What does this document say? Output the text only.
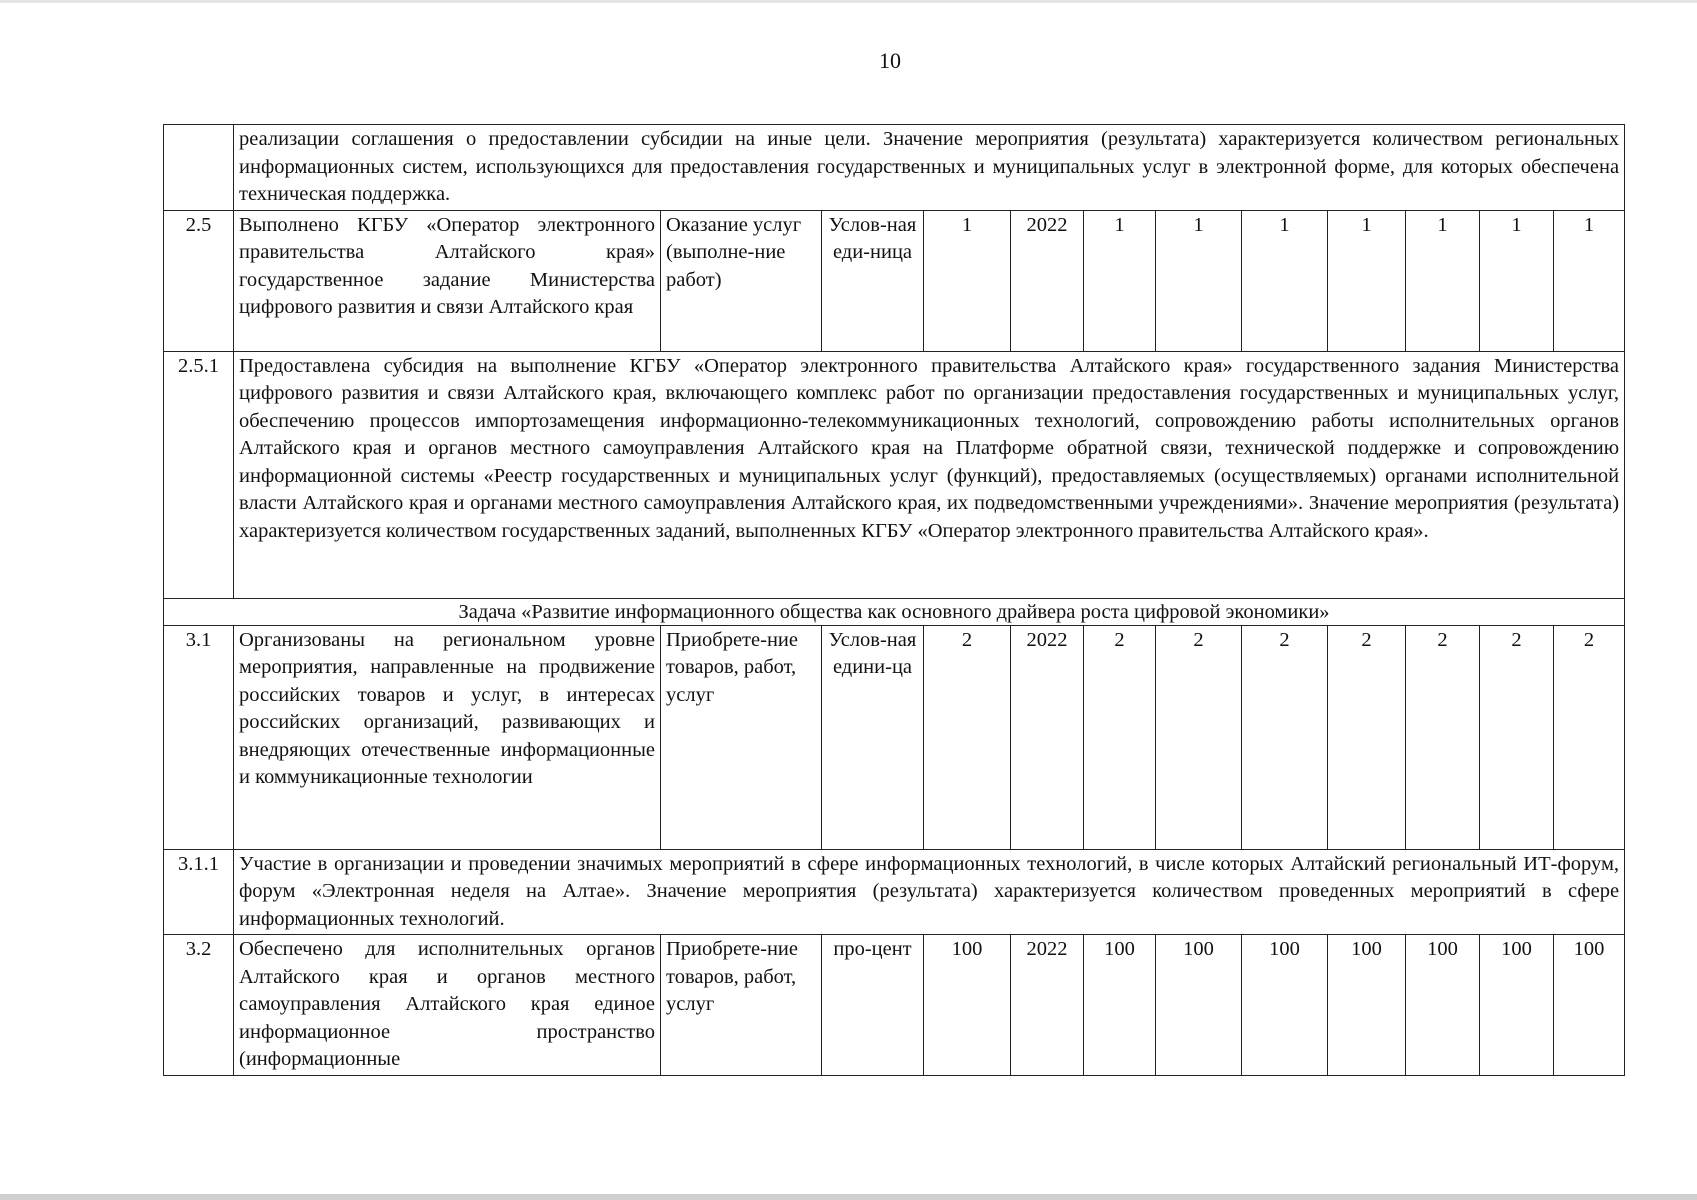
10
	реализации соглашения о предоставлении субсидии на иные цели. Значение мероприятия (результата) характеризуется количеством региональных информационных систем, использующихся для предоставления государственных и муниципальных услуг в электронной форме, для которых обеспечена техническая поддержка.											
2.5	Выполнено КГБУ «Оператор электронного правительства Алтайского края» государственное задание Министерства цифрового развития и связи Алтайского края	Оказание услуг (выполне-ние работ)	Услов-ная еди-ница	1	2022	1	1	1	1	1	1	1
2.5.1	Предоставлена субсидия на выполнение КГБУ «Оператор электронного правительства Алтайского края» государственного задания Министерства цифрового развития и связи Алтайского края, включающего комплекс работ по организации предоставления государственных и муниципальных услуг, обеспечению процессов импортозамещения информационно-телекоммуникационных технологий, сопровождению работы исполнительных органов Алтайского края и органов местного самоуправления Алтайского края на Платформе обратной связи, технической поддержке и сопровождению информационной системы «Реестр государственных и муниципальных услуг (функций), предоставляемых (осуществляемых) органами исполнительной власти Алтайского края и органами местного самоуправления Алтайского края, их подведомственными учреждениями». Значение мероприятия (результата) характеризуется количеством государственных заданий, выполненных КГБУ «Оператор электронного правительства Алтайского края».											
Задача «Развитие информационного общества как основного драйвера роста цифровой экономики»												
3.1	Организованы на региональном уровне мероприятия, направленные на продвижение российских товаров и услуг, в интересах российских организаций, развивающих и внедряющих отечественные информационные и коммуникационные технологии	Приобрете-ние товаров, работ, услуг	Услов-ная едини-ца	2	2022	2	2	2	2	2	2	2
3.1.1	Участие в организации и проведении значимых мероприятий в сфере информационных технологий, в числе которых Алтайский региональный ИТ-форум, форум «Электронная неделя на Алтае». Значение мероприятия (результата) характеризуется количеством проведенных мероприятий в сфере информационных технологий.											
3.2	Обеспечено для исполнительных органов Алтайского края и органов местного самоуправления Алтайского края единое информационное пространство (информационные	Приобрете-ние товаров, работ, услуг	про-цент	100	2022	100	100	100	100	100	100	100
